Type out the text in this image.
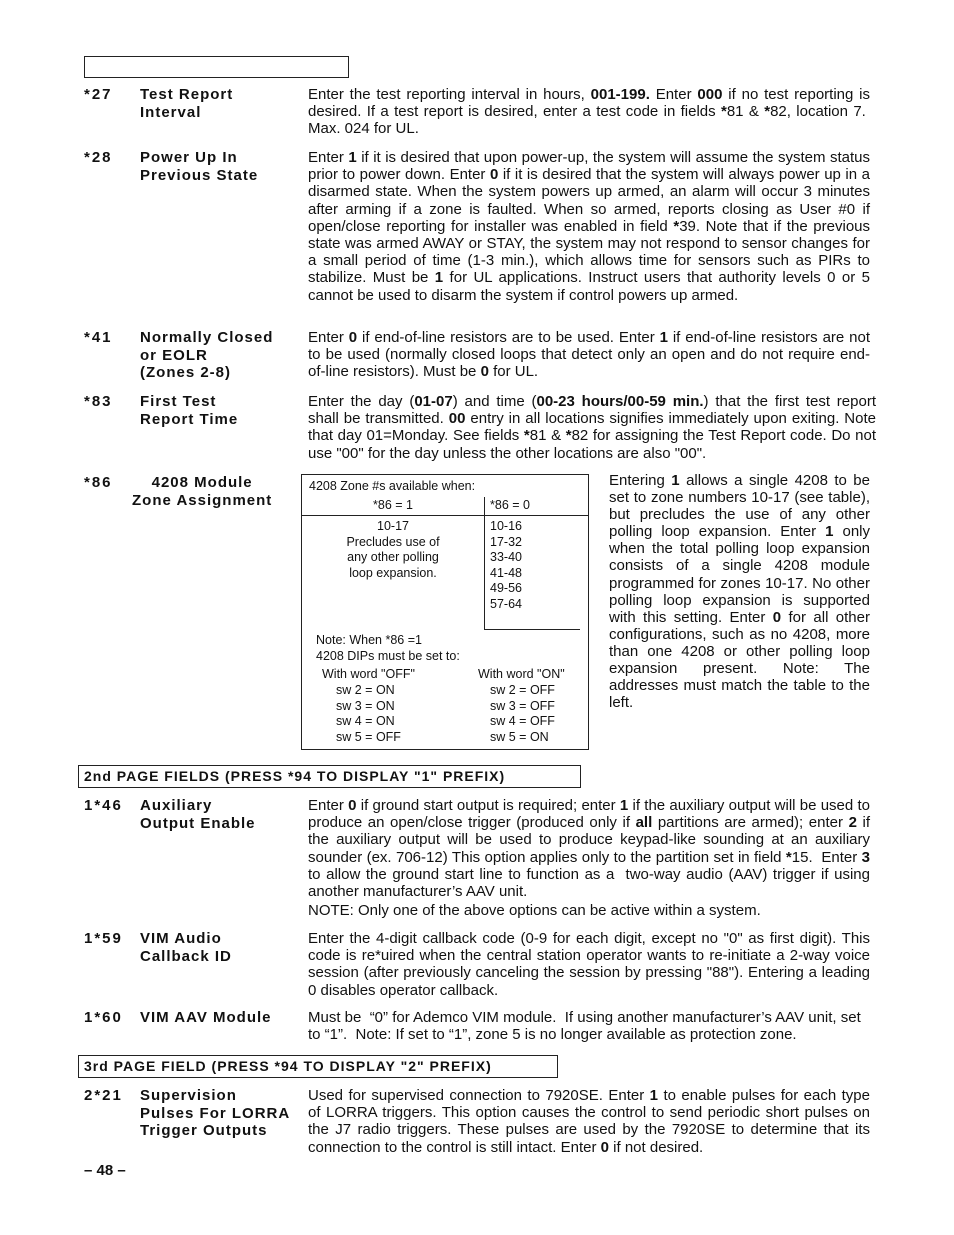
*27 Test Report
Interval
Enter the test reporting interval in hours, 001-199. Enter 000 if no test reporting is desired. If a test report is desired, enter a test code in fields *81 & *82, location 7.  Max. 024 for UL.
*28 Power Up In
Previous State
Enter 1 if it is desired that upon power-up, the system will assume the system status prior to power down. Enter 0 if it is desired that the system will always power up in a disarmed state. When the system powers up armed, an alarm will occur 3 minutes after arming if a zone is faulted. When so armed, reports closing as User #0 if open/close reporting for installer was enabled in field *39. Note that if the previous state was armed AWAY or STAY, the system may not respond to sensor changes for a small period of time (1-3 min.), which allows time for sensors such as PIRs to stabilize. Must be 1 for UL applications. Instruct users that authority levels 0 or 5 cannot be used to disarm the system if control powers up armed.
*41 Normally Closed
or EOLR
(Zones 2-8)
Enter 0 if end-of-line resistors are to be used. Enter 1 if end-of-line resistors are not to be used (normally closed loops that detect only an open and do not require end-of-line resistors). Must be 0 for UL.
*83 First Test
Report Time
Enter the day (01-07) and time (00-23 hours/00-59 min.) that the first test report shall be transmitted. 00 entry in all locations signifies immediately upon exiting. Note that day 01=Monday. See fields *81 & *82 for assigning the Test Report code. Do not use "00" for the day unless the other locations are also "00".
*86	4208 Module
Zone Assignment
4208 Zone #s available when:
*86 = 1	*86 = 0
10-17
Precludes use of
any other polling
loop expansion.
10-16
17-32
33-40
41-48
49-56
57-64
Note: When *86 =1
4208 DIPs must be set to:
With word "OFF"
sw 2 = ON
sw 3 = ON
sw 4 = ON
sw 5 = OFF
With word "ON"
sw 2 = OFF
sw 3 = OFF
sw 4 = OFF
sw 5 = ON
Entering 1 allows a single 4208 to be set to zone numbers 10-17 (see table), but precludes the use of any other polling loop expansion. Enter 1 only when the total polling loop expansion consists of a single 4208 module programmed for zones 10-17. No other polling loop expansion is supported with this setting. Enter 0 for all other configurations, such as no 4208, more than one 4208 or other polling loop expansion present. Note: The addresses must match the table to the left.
2nd PAGE FIELDS (PRESS *94 TO DISPLAY "1" PREFIX)
1*46 Auxiliary
Output Enable
Enter 0 if ground start output is required; enter 1 if the auxiliary output will be used to produce an open/close trigger (produced only if all partitions are armed); enter 2 if the auxiliary output will be used to produce keypad-like sounding at an auxiliary sounder (ex. 706-12) This option applies only to the partition set in field *15.  Enter 3 to allow the ground start line to function as a  two-way audio (AAV) trigger if using another manufacturer’s AAV unit.
NOTE: Only one of the above options can be active within a system.
1*59 VIM Audio
Callback ID
Enter the 4-digit callback code (0-9 for each digit, except no "0" as first digit). This code is re*uired when the central station operator wants to re-initiate a 2-way voice session (after previously canceling the session by pressing "88"). Entering a leading 0 disables operator callback.
1*60 VIM AAV Module Must be  “0” for Ademco VIM module.  If using another manufacturer’s AAV unit, set to “1”.  Note: If set to “1”, zone 5 is no longer available as protection zone.
3rd PAGE FIELD (PRESS *94 TO DISPLAY "2" PREFIX)
2*21 Supervision
Pulses For LORRA
Trigger Outputs
Used for supervised connection to 7920SE. Enter 1 to enable pulses for each type of LORRA triggers. This option causes the control to send periodic short pulses on the J7 radio triggers. These pulses are used by the 7920SE to determine that its connection to the control is still intact. Enter 0 if not desired.
– 48 –
